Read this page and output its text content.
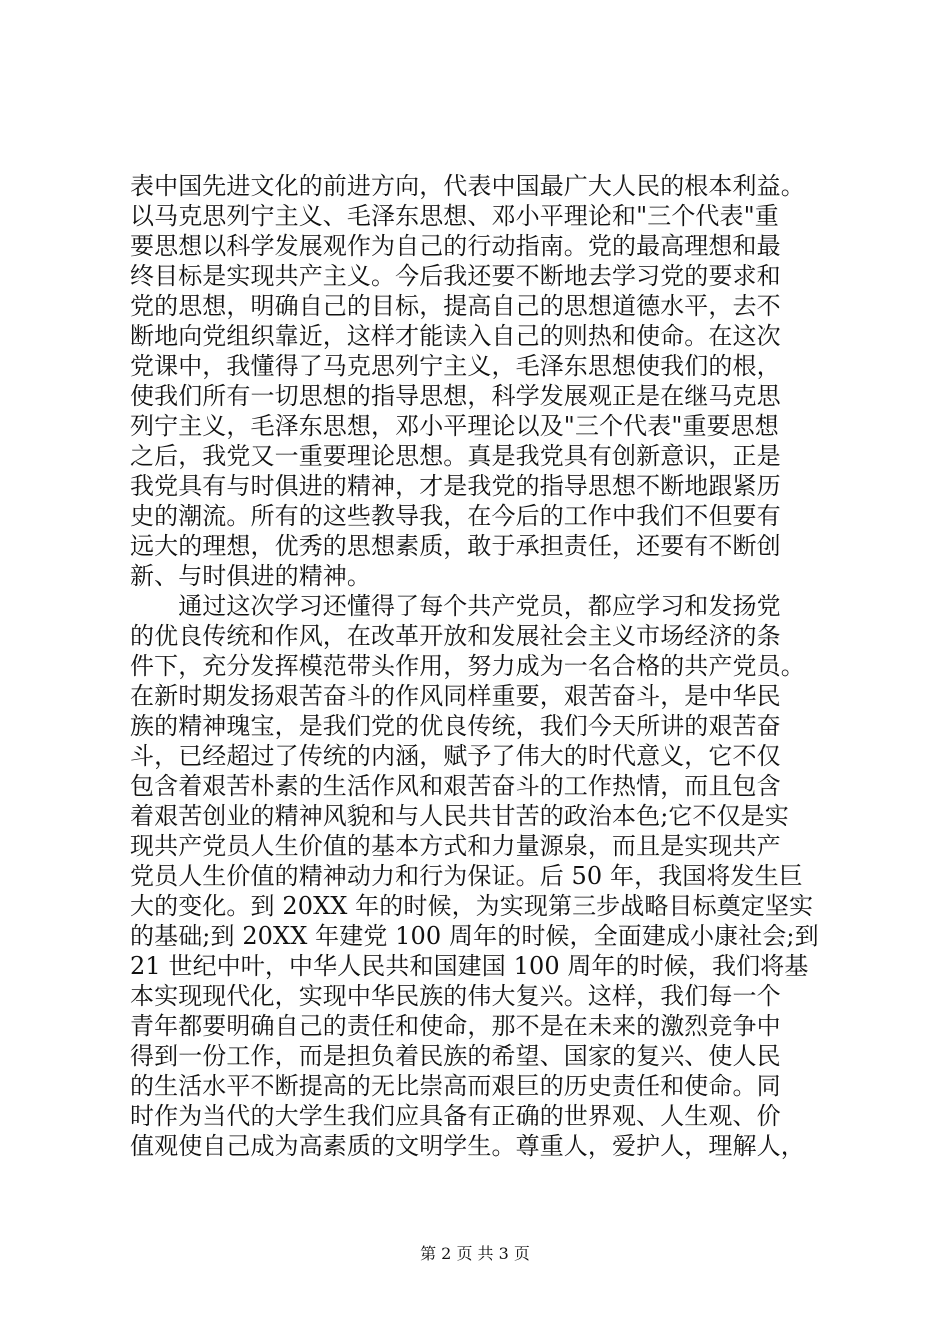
表中国先进文化的前进方向，代表中国最广大人民的根本利益。
以马克思列宁主义、毛泽东思想、邓小平理论和"三个代表"重
要思想以科学发展观作为自己的行动指南。党的最高理想和最
终目标是实现共产主义。今后我还要不断地去学习党的要求和
党的思想，明确自己的目标，提高自己的思想道德水平，去不
断地向党组织靠近，这样才能读入自己的则热和使命。在这次
党课中，我懂得了马克思列宁主义，毛泽东思想使我们的根，
使我们所有一切思想的指导思想，科学发展观正是在继马克思
列宁主义，毛泽东思想，邓小平理论以及"三个代表"重要思想
之后，我党又一重要理论思想。真是我党具有创新意识，正是
我党具有与时俱进的精神，才是我党的指导思想不断地跟紧历
史的潮流。所有的这些教导我，在今后的工作中我们不但要有
远大的理想，优秀的思想素质，敢于承担责任，还要有不断创
新、与时俱进的精神。
　　通过这次学习还懂得了每个共产党员，都应学习和发扬党
的优良传统和作风，在改革开放和发展社会主义市场经济的条
件下，充分发挥模范带头作用，努力成为一名合格的共产党员。
在新时期发扬艰苦奋斗的作风同样重要，艰苦奋斗，是中华民
族的精神瑰宝，是我们党的优良传统，我们今天所讲的艰苦奋
斗，已经超过了传统的内涵，赋予了伟大的时代意义，它不仅
包含着艰苦朴素的生活作风和艰苦奋斗的工作热情，而且包含
着艰苦创业的精神风貌和与人民共甘苦的政治本色;它不仅是实
现共产党员人生价值的基本方式和力量源泉，而且是实现共产
党员人生价值的精神动力和行为保证。后 50 年，我国将发生巨
大的变化。到 20XX 年的时候，为实现第三步战略目标奠定坚实
的基础;到 20XX 年建党 100 周年的时候，全面建成小康社会;到
21 世纪中叶，中华人民共和国建国 100 周年的时候，我们将基
本实现现代化，实现中华民族的伟大复兴。这样，我们每一个
青年都要明确自己的责任和使命，那不是在未来的激烈竞争中
得到一份工作，而是担负着民族的希望、国家的复兴、使人民
的生活水平不断提高的无比崇高而艰巨的历史责任和使命。同
时作为当代的大学生我们应具备有正确的世界观、人生观、价
值观使自己成为高素质的文明学生。尊重人，爱护人，理解人，
第 2 页 共 3 页
